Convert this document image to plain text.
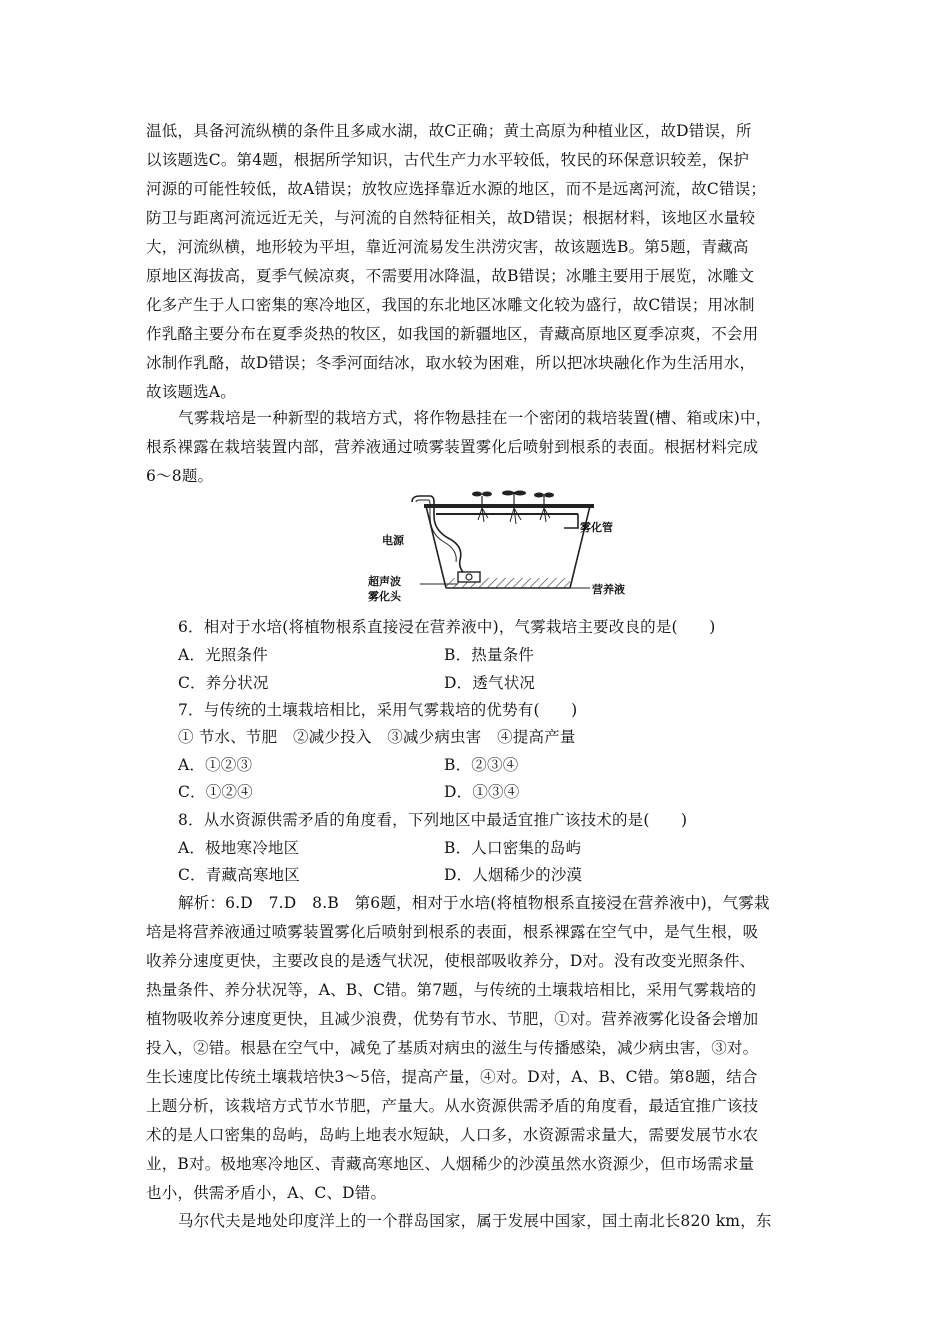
温低，具备河流纵横的条件且多咸水湖，故C正确；黄土高原为种植业区，故D错误，所
以该题选C。第4题，根据所学知识，古代生产力水平较低，牧民的环保意识较差，保护
河源的可能性较低，故A错误；放牧应选择靠近水源的地区，而不是远离河流，故C错误；
防卫与距离河流远近无关，与河流的自然特征相关，故D错误；根据材料，该地区水量较
大，河流纵横，地形较为平坦，靠近河流易发生洪涝灾害，故该题选B。第5题，青藏高
原地区海拔高，夏季气候凉爽，不需要用冰降温，故B错误；冰雕主要用于展览，冰雕文
化多产生于人口密集的寒冷地区，我国的东北地区冰雕文化较为盛行，故C错误；用冰制
作乳酪主要分布在夏季炎热的牧区，如我国的新疆地区，青藏高原地区夏季凉爽，不会用
冰制作乳酪，故D错误；冬季河面结冰，取水较为困难，所以把冰块融化作为生活用水，
故该题选A。
气雾栽培是一种新型的栽培方式，将作物悬挂在一个密闭的栽培装置(槽、箱或床)中，
根系裸露在栽培装置内部，营养液通过喷雾装置雾化后喷射到根系的表面。根据材料完成
6～8题。
电源
雾化管
超声波
雾化头
营养液
6．相对于水培(将植物根系直接浸在营养液中)，气雾栽培主要改良的是(　　)
A．光照条件	B．热量条件
C．养分状况	D．透气状况
7．与传统的土壤栽培相比，采用气雾栽培的优势有(　　)
① 节水、节肥　②减少投入　③减少病虫害　④提高产量
A．①②③	B．②③④
C．①②④	D．①③④
8．从水资源供需矛盾的角度看，下列地区中最适宜推广该技术的是(　　)
A．极地寒冷地区	B．人口密集的岛屿
C．青藏高寒地区	D．人烟稀少的沙漠
解析：6.D　7.D　8.B　第6题，相对于水培(将植物根系直接浸在营养液中)，气雾栽
培是将营养液通过喷雾装置雾化后喷射到根系的表面，根系裸露在空气中，是气生根，吸
收养分速度更快，主要改良的是透气状况，使根部吸收养分，D对。没有改变光照条件、
热量条件、养分状况等，A、B、C错。第7题，与传统的土壤栽培相比，采用气雾栽培的
植物吸收养分速度更快，且减少浪费，优势有节水、节肥，①对。营养液雾化设备会增加
投入，②错。根悬在空气中，减免了基质对病虫的滋生与传播感染，减少病虫害，③对。
生长速度比传统土壤栽培快3～5倍，提高产量，④对。D对，A、B、C错。第8题，结合
上题分析，该栽培方式节水节肥，产量大。从水资源供需矛盾的角度看，最适宜推广该技
术的是人口密集的岛屿，岛屿上地表水短缺，人口多，水资源需求量大，需要发展节水农
业，B对。极地寒冷地区、青藏高寒地区、人烟稀少的沙漠虽然水资源少，但市场需求量
也小，供需矛盾小，A、C、D错。
马尔代夫是地处印度洋上的一个群岛国家，属于发展中国家，国土南北长820 km，东
